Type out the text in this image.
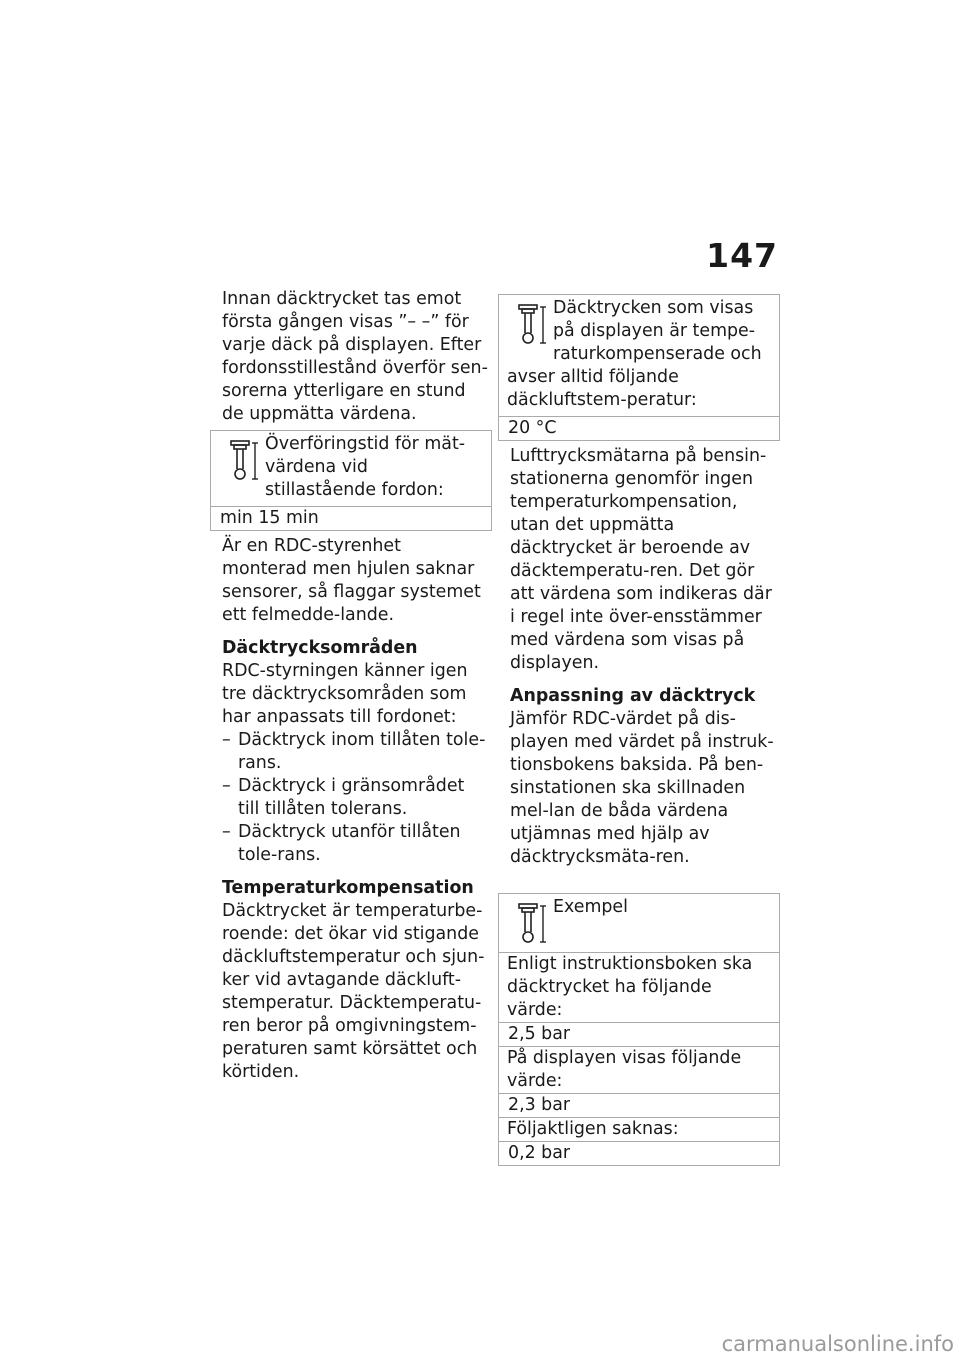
147

Innan däcktrycket tas emot första gången visas ”– –” för varje däck på displayen. Efter fordonsstillestånd överför sen-sorerna ytterligare en stund de uppmätta värdena.

Överföringstid för mät-värdena vid stillastående fordon:
min 15 min

Är en RDC-styrenhet monterad men hjulen saknar sensorer, så flaggar systemet ett felmedde-lande.

Däcktrycksområden

RDC-styrningen känner igen tre däcktrycksområden som har anpassats till fordonet:

– Däcktryck inom tillåten tole-rans.
– Däcktryck i gränsområdet till tillåten tolerans.
– Däcktryck utanför tillåten tole-rans.
Temperaturkompensation

Däcktrycket är temperaturbe-roende: det ökar vid stigande däckluftstemperatur och sjun-ker vid avtagande däckluft-stemperatur. Däcktemperatu-ren beror på omgivningstem-peraturen samt körsättet och körtiden.

Däcktrycken som visas på displayen är tempe-raturkompenserade och avser alltid följande däckluftstem-peratur:
20 °C

Lufttrycksmätarna på bensin-stationerna genomför ingen temperaturkompensation, utan det uppmätta däcktrycket är beroende av däcktemperatu-ren. Det gör att värdena som indikeras där i regel inte över-ensstämmer med värdena som visas på displayen.

Anpassning av däcktryck

Jämför RDC-värdet på dis-playen med värdet på instruk-tionsbokens baksida. På ben-sinstationen ska skillnaden mel-lan de båda värdena utjämnas med hjälp av däcktrycksmäta-ren.

Exempel
Enligt instruktionsboken ska däcktrycket ha följande värde:
2,5 bar
På displayen visas följande värde:
2,3 bar
Följaktligen saknas:
0,2 bar
carmanualsonline.info
